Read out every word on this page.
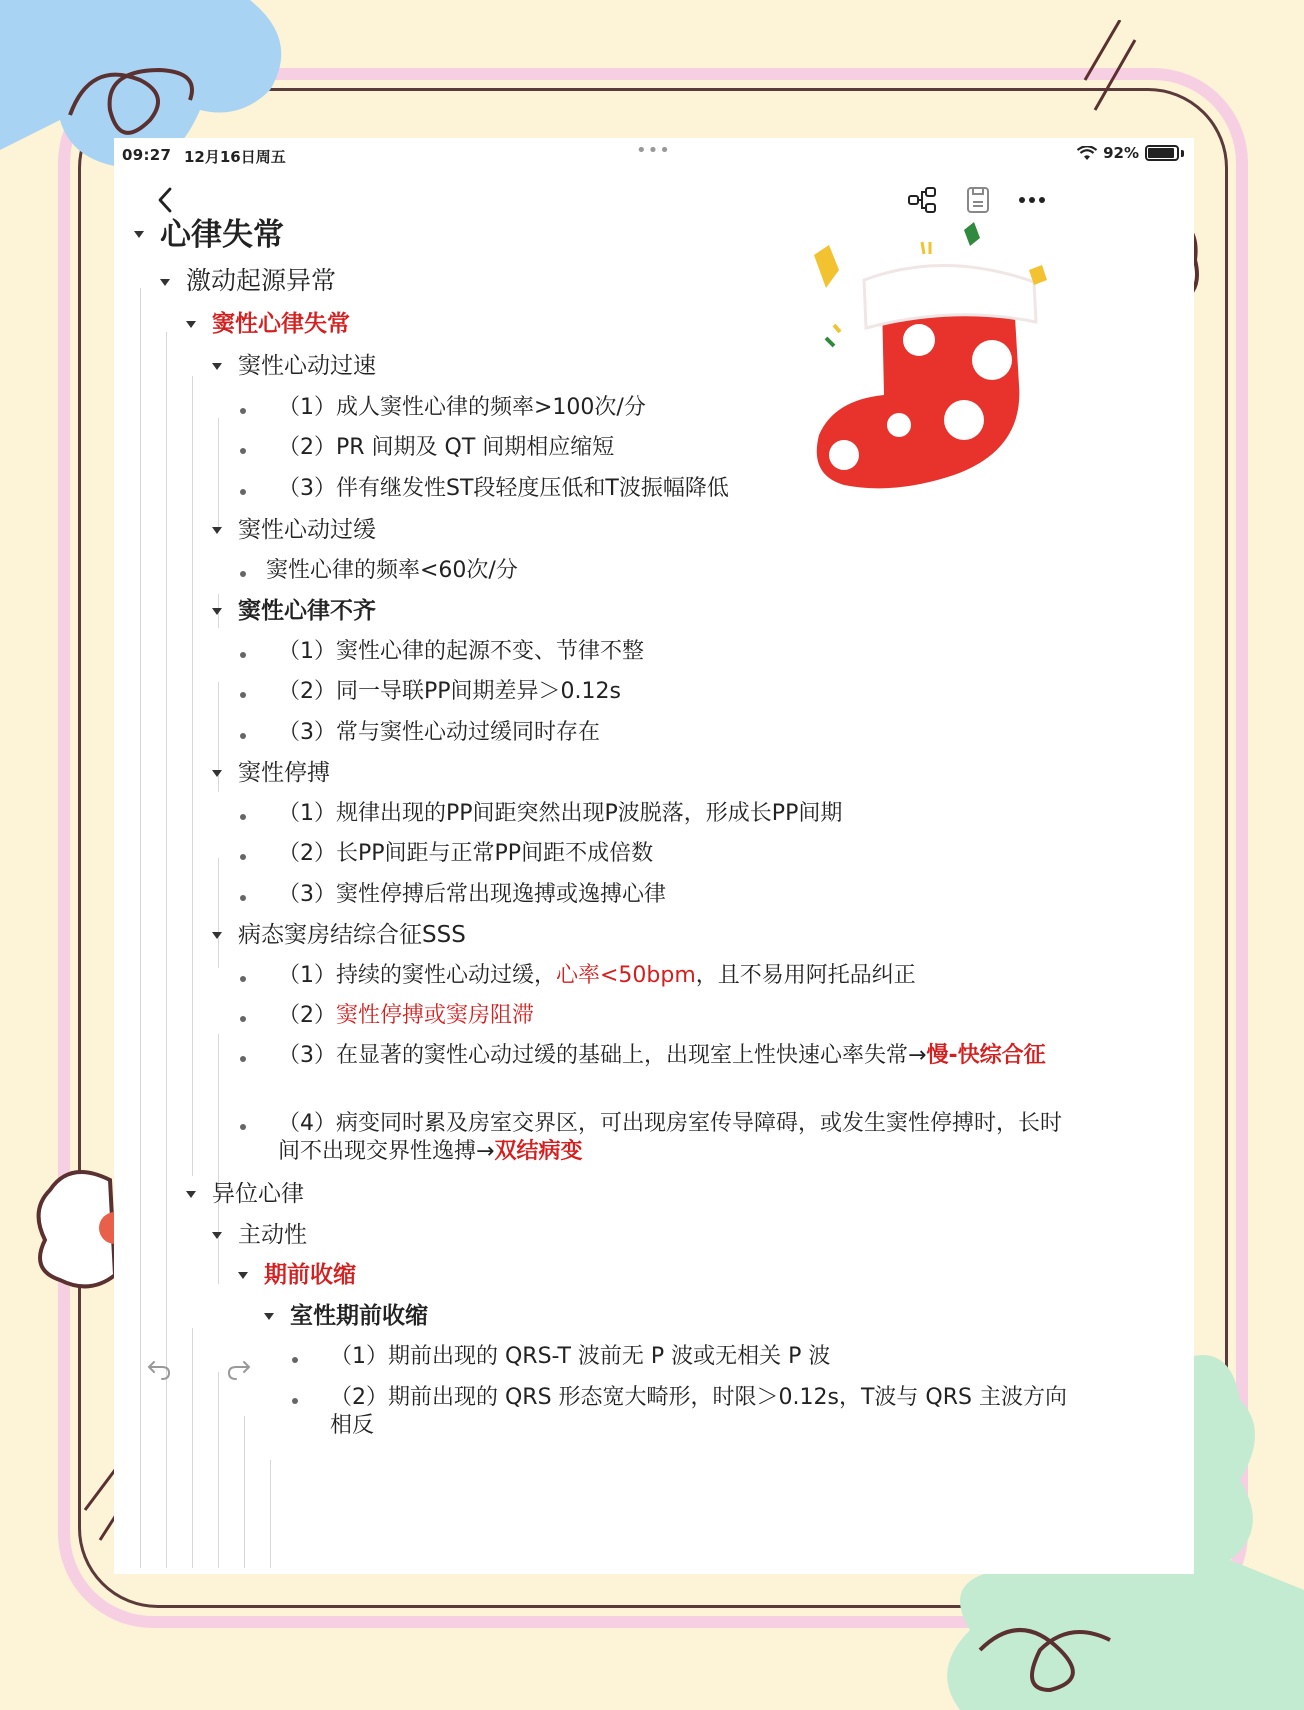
09:27 12月16日周五	•••	92%
心律失常
激动起源异常
窦性心律失常
窦性心动过速
（1）成人窦性心律的频率>100次/分
（2）PR 间期及 QT 间期相应缩短
（3）伴有继发性ST段轻度压低和T波振幅降低
窦性心动过缓
窦性心律的频率<60次/分
窦性心律不齐
（1）窦性心律的起源不变、节律不整
（2）同一导联PP间期差异＞0.12s
（3）常与窦性心动过缓同时存在
窦性停搏
（1）规律出现的PP间距突然出现P波脱落，形成长PP间期
（2）长PP间距与正常PP间距不成倍数
（3）窦性停搏后常出现逸搏或逸搏心律
病态窦房结综合征SSS
（1）持续的窦性心动过缓，心率<50bpm，且不易用阿托品纠正
（2）窦性停搏或窦房阻滞
（3）在显著的窦性心动过缓的基础上，出现室上性快速心率失常→慢-快综合征
（4）病变同时累及房室交界区，可出现房室传导障碍，或发生窦性停搏时，长时间不出现交界性逸搏→双结病变
异位心律
主动性
期前收缩
室性期前收缩
（1）期前出现的 QRS-T 波前无 P 波或无相关 P 波
（2）期前出现的 QRS 形态宽大畸形，时限＞0.12s，T波与 QRS 主波方向相反
